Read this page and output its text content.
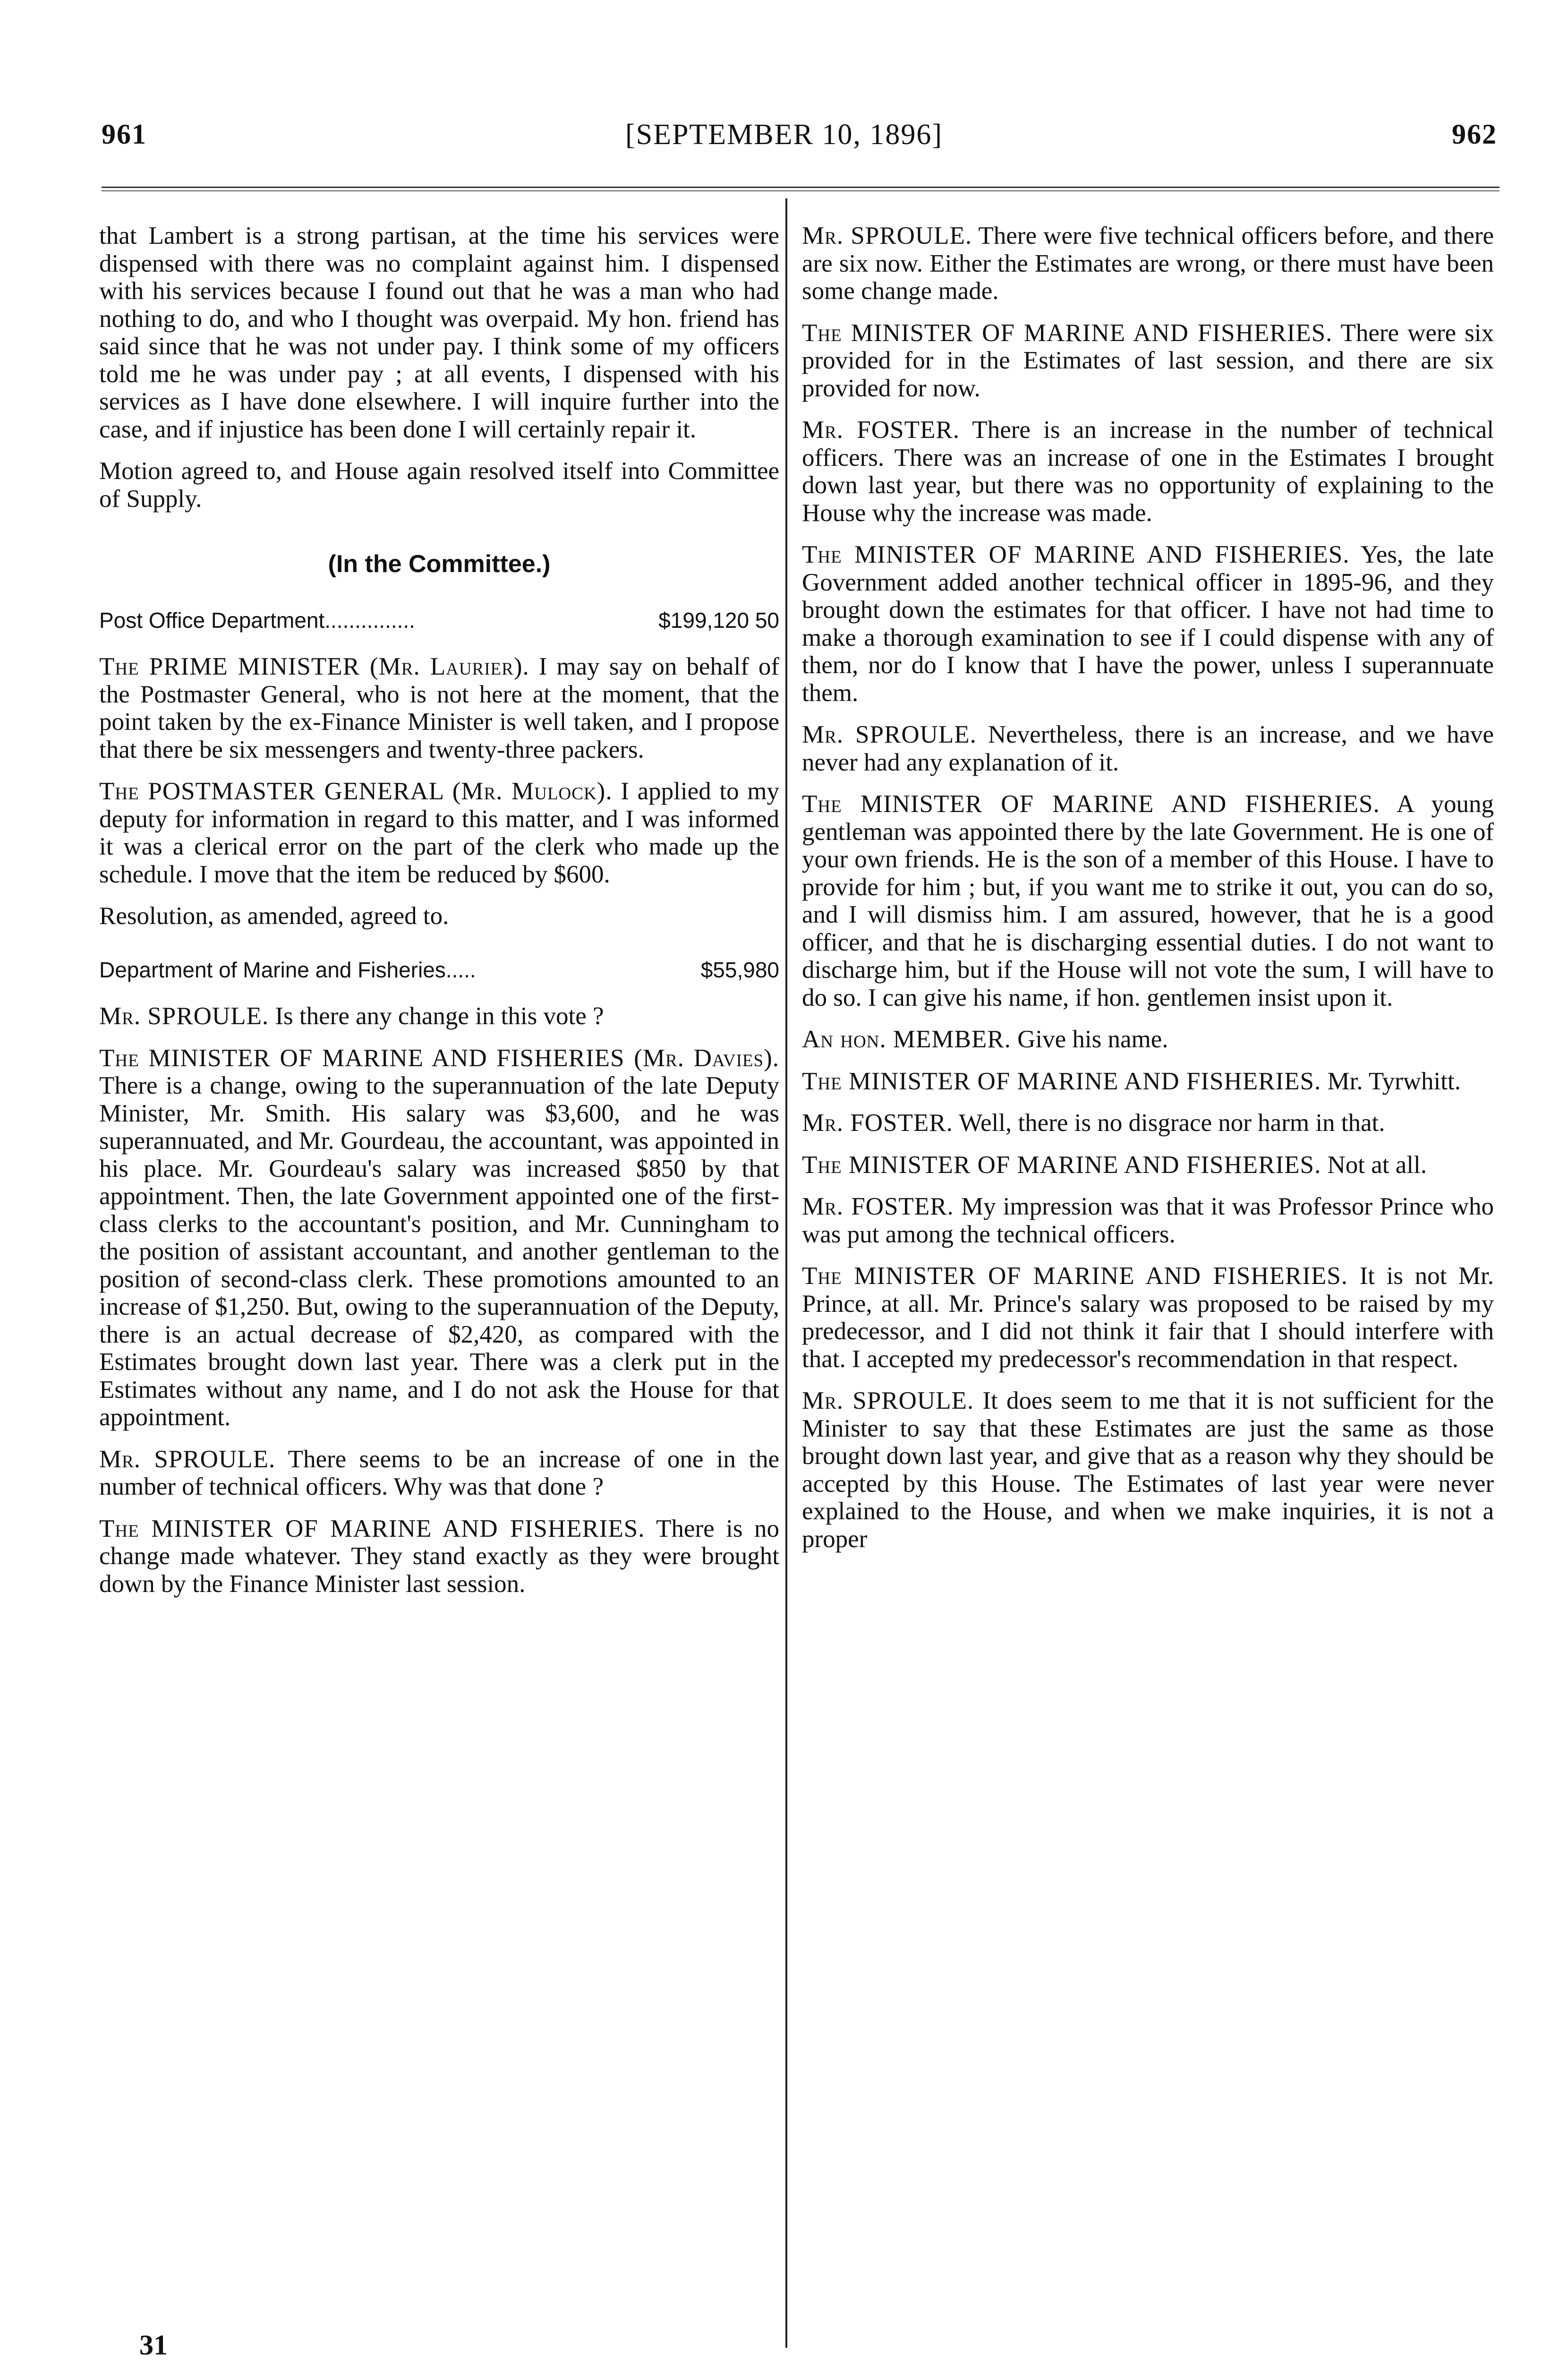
961	[SEPTEMBER 10, 1896]	962

that Lambert is a strong partisan, at the time his services were dispensed with there was no complaint against him. I dispensed with his services because I found out that he was a man who had nothing to do, and who I thought was overpaid. My hon. friend has said since that he was not under pay. I think some of my officers told me he was under pay ; at all events, I dispensed with his services as I have done elsewhere. I will inquire further into the case, and if injustice has been done I will certainly repair it.

Motion agreed to, and House again resolved itself into Committee of Supply.

(In the Committee.)
Post Office Department...............	$199,120 50

The PRIME MINISTER (Mr. Laurier). I may say on behalf of the Postmaster General, who is not here at the moment, that the point taken by the ex-Finance Minister is well taken, and I propose that there be six messengers and twenty-three packers.

The POSTMASTER GENERAL (Mr. Mulock). I applied to my deputy for information in regard to this matter, and I was informed it was a clerical error on the part of the clerk who made up the schedule. I move that the item be reduced by $600.

Resolution, as amended, agreed to.

Department of Marine and Fisheries.....	$55,980

Mr. SPROULE. Is there any change in this vote ?

The MINISTER OF MARINE AND FISHERIES (Mr. Davies). There is a change, owing to the superannuation of the late Deputy Minister, Mr. Smith. His salary was $3,600, and he was superannuated, and Mr. Gourdeau, the accountant, was appointed in his place. Mr. Gourdeau's salary was increased $850 by that appointment. Then, the late Government appointed one of the first-class clerks to the accountant's position, and Mr. Cunningham to the position of assistant accountant, and another gentleman to the position of second-class clerk. These promotions amounted to an increase of $1,250. But, owing to the superannuation of the Deputy, there is an actual decrease of $2,420, as compared with the Estimates brought down last year. There was a clerk put in the Estimates without any name, and I do not ask the House for that appointment.

Mr. SPROULE. There seems to be an increase of one in the number of technical officers. Why was that done ?

The MINISTER OF MARINE AND FISHERIES. There is no change made whatever. They stand exactly as they were brought down by the Finance Minister last session.

Mr. SPROULE. There were five technical officers before, and there are six now. Either the Estimates are wrong, or there must have been some change made.

The MINISTER OF MARINE AND FISHERIES. There were six provided for in the Estimates of last session, and there are six provided for now.

Mr. FOSTER. There is an increase in the number of technical officers. There was an increase of one in the Estimates I brought down last year, but there was no opportunity of explaining to the House why the increase was made.

The MINISTER OF MARINE AND FISHERIES. Yes, the late Government added another technical officer in 1895-96, and they brought down the estimates for that officer. I have not had time to make a thorough examination to see if I could dispense with any of them, nor do I know that I have the power, unless I superannuate them.

Mr. SPROULE. Nevertheless, there is an increase, and we have never had any explanation of it.

The MINISTER OF MARINE AND FISHERIES. A young gentleman was appointed there by the late Government. He is one of your own friends. He is the son of a member of this House. I have to provide for him ; but, if you want me to strike it out, you can do so, and I will dismiss him. I am assured, however, that he is a good officer, and that he is discharging essential duties. I do not want to discharge him, but if the House will not vote the sum, I will have to do so. I can give his name, if hon. gentlemen insist upon it.

An hon. MEMBER. Give his name.

The MINISTER OF MARINE AND FISHERIES. Mr. Tyrwhitt.

Mr. FOSTER. Well, there is no disgrace nor harm in that.

The MINISTER OF MARINE AND FISHERIES. Not at all.

Mr. FOSTER. My impression was that it was Professor Prince who was put among the technical officers.

The MINISTER OF MARINE AND FISHERIES. It is not Mr. Prince, at all. Mr. Prince's salary was proposed to be raised by my predecessor, and I did not think it fair that I should interfere with that. I accepted my predecessor's recommendation in that respect.

Mr. SPROULE. It does seem to me that it is not sufficient for the Minister to say that these Estimates are just the same as those brought down last year, and give that as a reason why they should be accepted by this House. The Estimates of last year were never explained to the House, and when we make inquiries, it is not a proper

31
